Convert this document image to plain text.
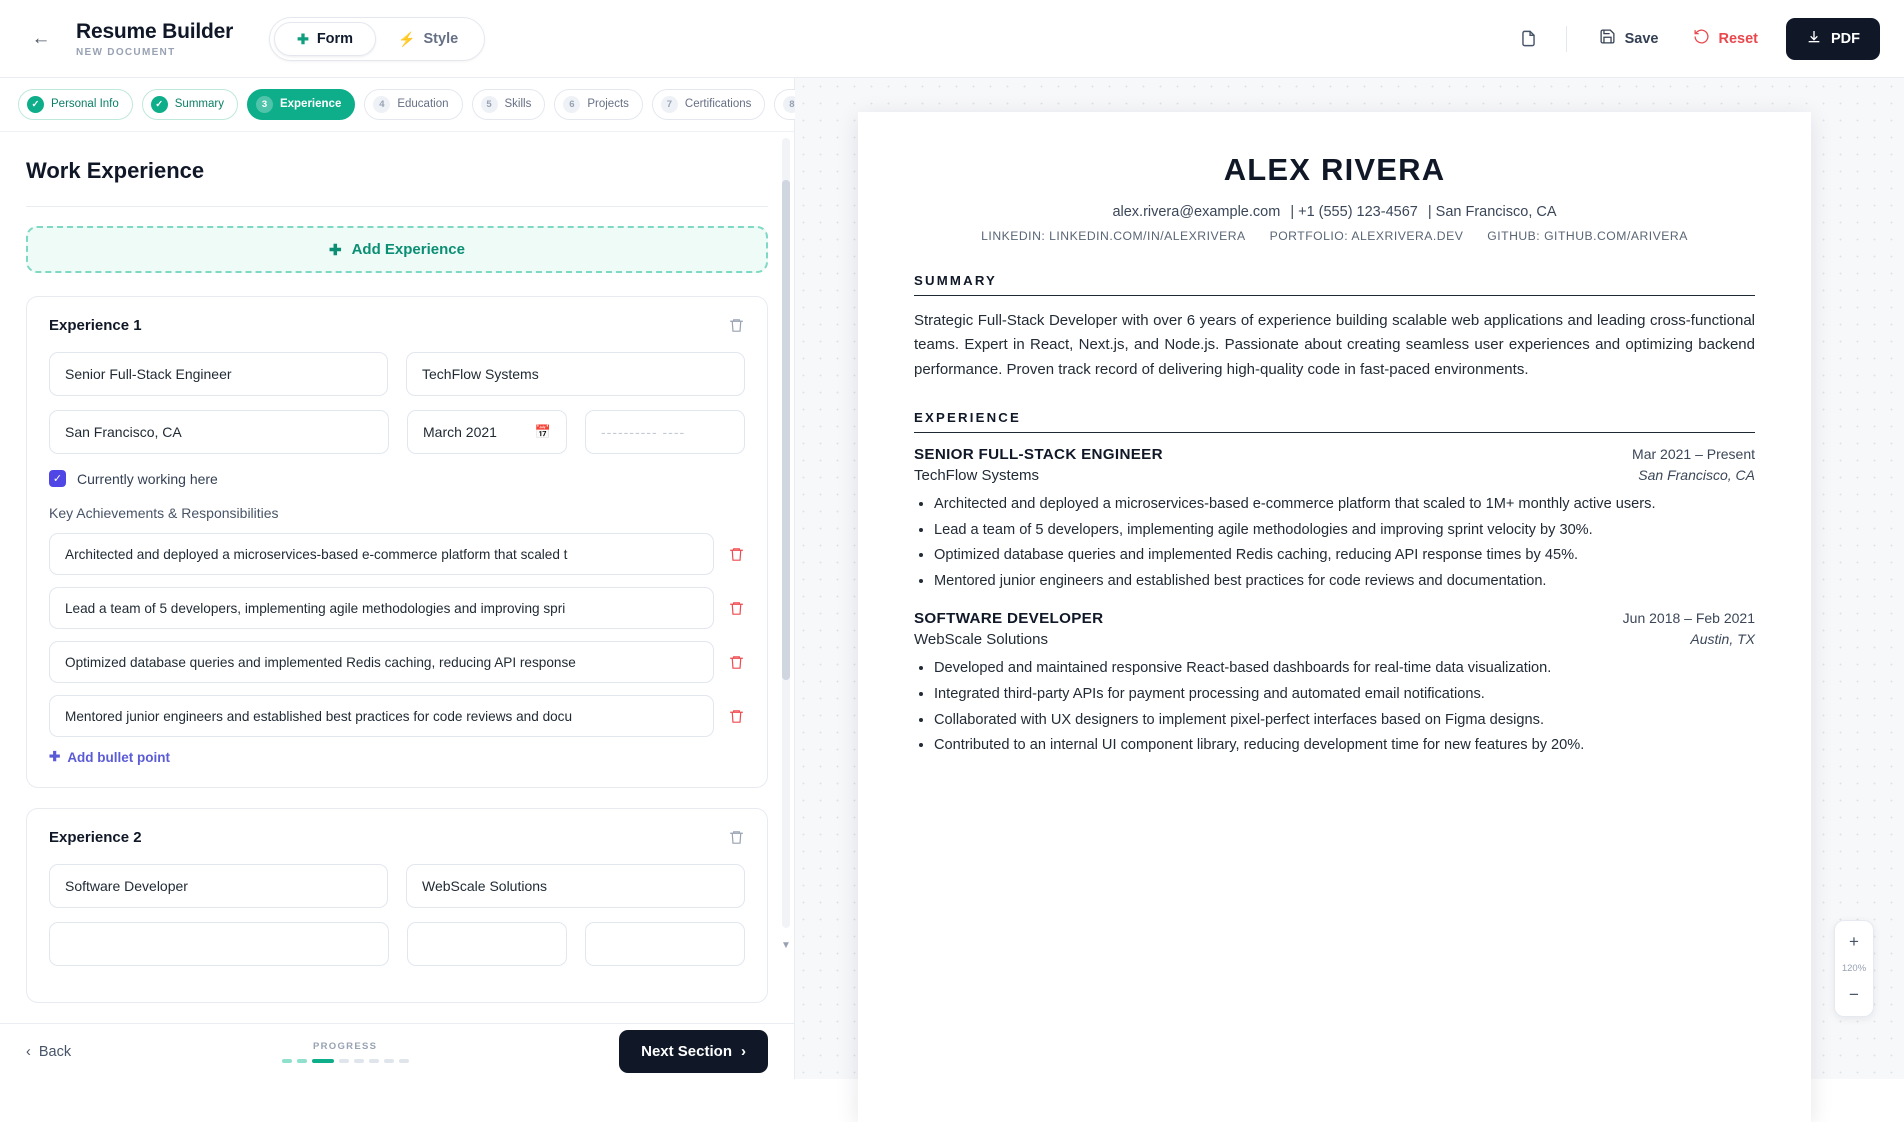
←	Resume Builder
NEW DOCUMENT
✚ Form	⚡ Style	Save	Reset	PDF
✓	Personal Info	✓	Summary	3	Experience	4	Education	5	Skills	6	Projects	7	Certifications	8
Work Experience
✚ Add Experience
Experience 1
Senior Full-Stack Engineer	TechFlow Systems
San Francisco, CA	March 2021	📅	---------- ----
✓ Currently working here
Key Achievements & Responsibilities
Architected and deployed a microservices-based e-commerce platform that scaled t
Lead a team of 5 developers, implementing agile methodologies and improving spri
Optimized database queries and implemented Redis caching, reducing API response
Mentored junior engineers and established best practices for code reviews and docu
✚ Add bullet point
Experience 2
Software Developer	WebScale Solutions
▼
‹ Back	PROGRESS	Next Section ›
ALEX RIVERA
alex.rivera@example.com | +1 (555) 123-4567 | San Francisco, CA
LINKEDIN: LINKEDIN.COM/IN/ALEXRIVERA PORTFOLIO: ALEXRIVERA.DEV GITHUB: GITHUB.COM/ARIVERA
SUMMARY
Strategic Full-Stack Developer with over 6 years of experience building scalable web applications and leading cross-functional teams. Expert in React, Next.js, and Node.js. Passionate about creating seamless user experiences and optimizing backend performance. Proven track record of delivering high-quality code in fast-paced environments.
EXPERIENCE
SENIOR FULL-STACK ENGINEER	Mar 2021 – Present
TechFlow Systems	San Francisco, CA
• Architected and deployed a microservices-based e-commerce platform that scaled to 1M+ monthly active users.
• Lead a team of 5 developers, implementing agile methodologies and improving sprint velocity by 30%.
• Optimized database queries and implemented Redis caching, reducing API response times by 45%.
• Mentored junior engineers and established best practices for code reviews and documentation.
SOFTWARE DEVELOPER	Jun 2018 – Feb 2021
WebScale Solutions	Austin, TX
• Developed and maintained responsive React-based dashboards for real-time data visualization.
• Integrated third-party APIs for payment processing and automated email notifications.
• Collaborated with UX designers to implement pixel-perfect interfaces based on Figma designs.
• Contributed to an internal UI component library, reducing development time for new features by 20%.
+
120%
−
